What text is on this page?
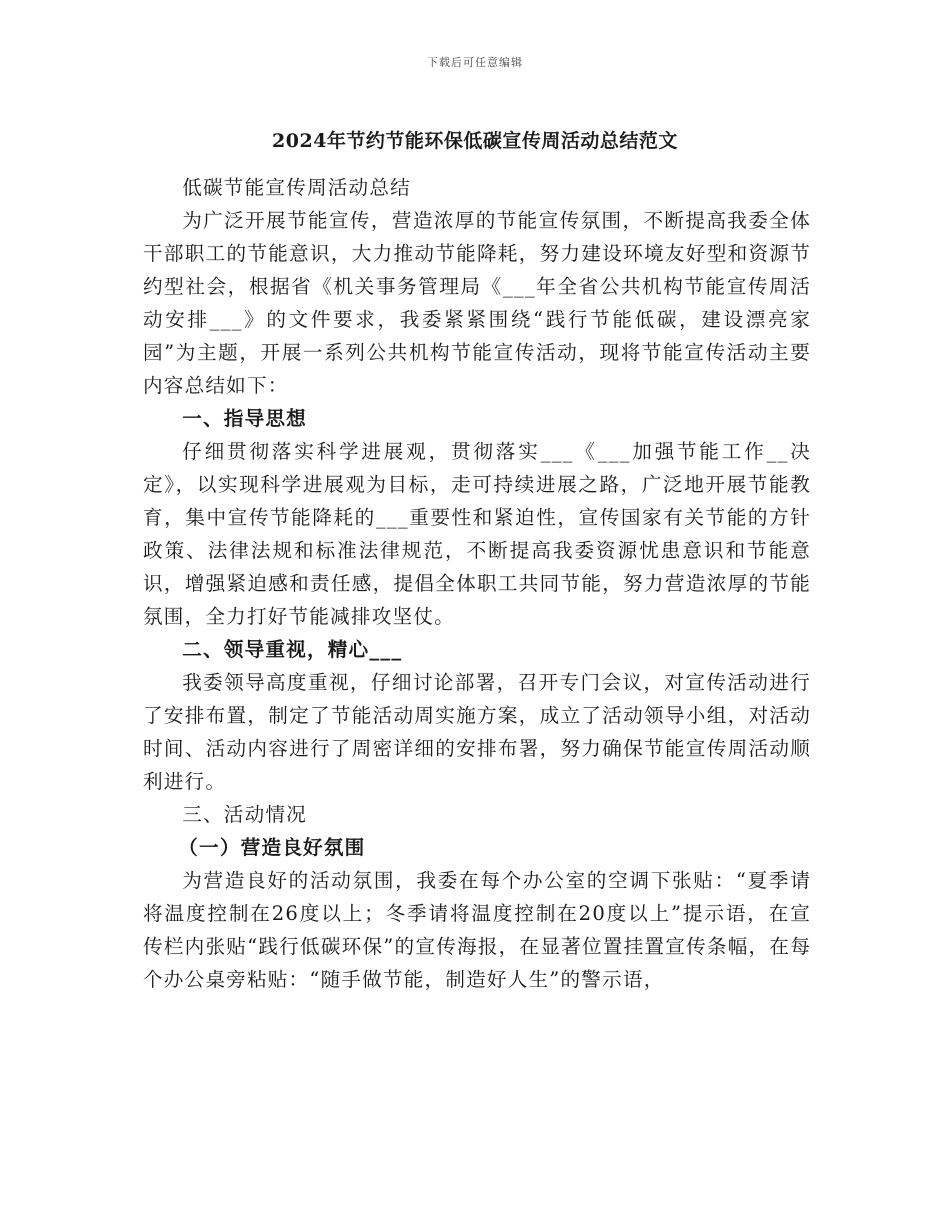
下载后可任意编辑
2024年节约节能环保低碳宣传周活动总结范文

低碳节能宣传周活动总结

为广泛开展节能宣传，营造浓厚的节能宣传氛围，不断提高我委全体干部职工的节能意识，大力推动节能降耗，努力建设环境友好型和资源节约型社会，根据省《机关事务管理局《___年全省公共机构节能宣传周活动安排___》的文件要求，我委紧紧围绕“践行节能低碳，建设漂亮家园”为主题，开展一系列公共机构节能宣传活动，现将节能宣传活动主要内容总结如下：

一、指导思想

仔细贯彻落实科学进展观，贯彻落实___《___加强节能工作__决定》，以实现科学进展观为目标，走可持续进展之路，广泛地开展节能教育，集中宣传节能降耗的___重要性和紧迫性，宣传国家有关节能的方针政策、法律法规和标准法律规范，不断提高我委资源忧患意识和节能意识，增强紧迫感和责任感，提倡全体职工共同节能，努力营造浓厚的节能氛围，全力打好节能减排攻坚仗。

二、领导重视，精心___

我委领导高度重视，仔细讨论部署，召开专门会议，对宣传活动进行了安排布置，制定了节能活动周实施方案，成立了活动领导小组，对活动时间、活动内容进行了周密详细的安排布署，努力确保节能宣传周活动顺利进行。

三、活动情况

（一）营造良好氛围

为营造良好的活动氛围，我委在每个办公室的空调下张贴：“夏季请将温度控制在26度以上；冬季请将温度控制在20度以上”提示语，在宣传栏内张贴“践行低碳环保”的宣传海报，在显著位置挂置宣传条幅，在每个办公桌旁粘贴：“随手做节能，制造好人生”的警示语，
